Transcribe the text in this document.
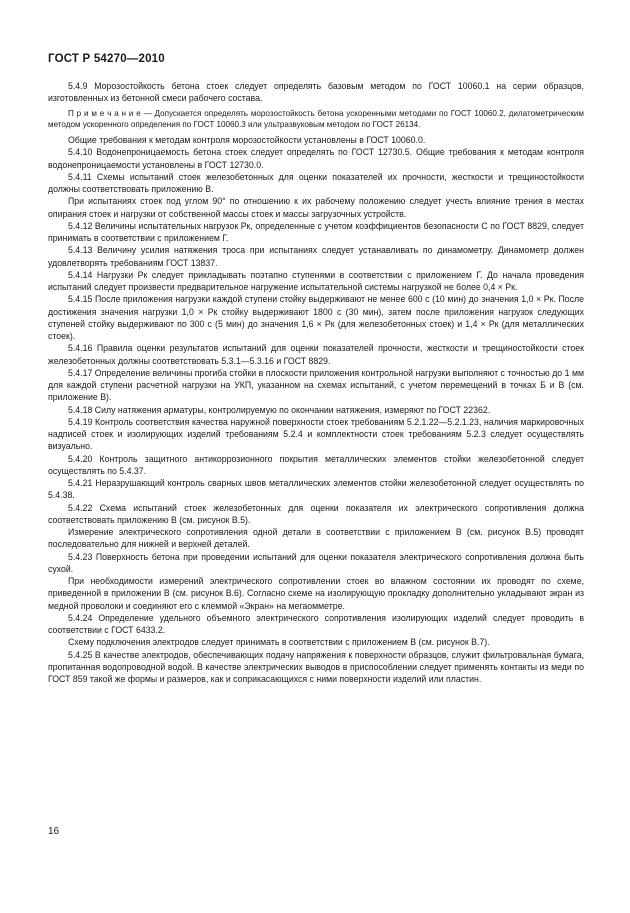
ГОСТ Р 54270—2010

5.4.9 Морозостойкость бетона стоек следует определять базовым методом по ГОСТ 10060.1 на серии образцов, изготовленных из бетонной смеси рабочего состава.

П р и м е ч а н и е — Допускается определять морозостойкость бетона ускоренными методами по ГОСТ 10060.2, дилатометрическим методом ускоренного определения по ГОСТ 10060.3 или ультразвуковым методом по ГОСТ 26134.

Общие требования к методам контроля морозостойкости установлены в ГОСТ 10060.0.

5.4.10 Водонепроницаемость бетона стоек следует определять по ГОСТ 12730.5. Общие требования к методам контроля водонепроницаемости установлены в ГОСТ 12730.0.

5.4.11 Схемы испытаний стоек железобетонных для оценки показателей их прочности, жесткости и трещиностойкости должны соответствовать приложению В.

При испытаниях стоек под углом 90° по отношению к их рабочему положению следует учесть влияние трения в местах опирания стоек и нагрузки от собственной массы стоек и массы загрузочных устройств.

5.4.12 Величины испытательных нагрузок Pк, определенные с учетом коэффициентов безопасности С по ГОСТ 8829, следует принимать в соответствии с приложением Г.

5.4.13 Величину усилия натяжения троса при испытаниях следует устанавливать по динамометру. Динамометр должен удовлетворять требованиям ГОСТ 13837.

5.4.14 Нагрузки Pк следует прикладывать поэтапно ступенями в соответствии с приложением Г. До начала проведения испытаний следует произвести предварительное нагружение испытательной системы нагрузкой не более 0,4 × Pк.

5.4.15 После приложения нагрузки каждой ступени стойку выдерживают не менее 600 с (10 мин) до значения 1,0 × Pк. После достижения значения нагрузки 1,0 × Pк стойку выдерживают 1800 с (30 мин), затем после приложения нагрузок следующих ступеней стойку выдерживают по 300 с (5 мин) до значения 1,6 × Pк (для железобетонных стоек) и 1,4 × Pк (для металлических стоек).

5.4.16 Правила оценки результатов испытаний для оценки показателей прочности, жесткости и трещиностойкости стоек железобетонных должны соответствовать 5.3.1—5.3.16 и ГОСТ 8829.

5.4.17 Определение величины прогиба стойки в плоскости приложения контрольной нагрузки выполняют с точностью до 1 мм для каждой ступени расчетной нагрузки на УКП, указанном на схемах испытаний, с учетом перемещений в точках Б и В (см. приложение В).

5.4.18 Силу натяжения арматуры, контролируемую по окончании натяжения, измеряют по ГОСТ 22362.

5.4.19 Контроль соответствия качества наружной поверхности стоек требованиям 5.2.1.22—5.2.1.23, наличия маркировочных надписей стоек и изолирующих изделий требованиям 5.2.4 и комплектности стоек требованиям 5.2.3 следует осуществлять визуально.

5.4.20 Контроль защитного антикоррозионного покрытия металлических элементов стойки железобетонной следует осуществлять по 5.4.37.

5.4.21 Неразрушающий контроль сварных швов металлических элементов стойки железобетонной следует осуществлять по 5.4.38.

5.4.22 Схема испытаний стоек железобетонных для оценки показателя их электрического сопротивления должна соответствовать приложению В (см. рисунок В.5).

Измерение электрического сопротивления одной детали в соответствии с приложением В (см. рисунок В.5) проводят последовательно для нижней и верхней деталей.

5.4.23 Поверхность бетона при проведении испытаний для оценки показателя электрического сопротивления должна быть сухой.

При необходимости измерений электрического сопротивлении стоек во влажном состоянии их проводят по схеме, приведенной в приложении В (см. рисунок В.6). Согласно схеме на изолирующую прокладку дополнительно укладывают экран из медной проволоки и соединяют его с клеммой «Экран» на мегаомметре.

5.4.24 Определение удельного объемного электрического сопротивления изолирующих изделий следует проводить в соответствии с ГОСТ 6433.2.

Схему подключения электродов следует принимать в соответствии с приложением В (см. рисунок В.7).

5.4.25 В качестве электродов, обеспечивающих подачу напряжения к поверхности образцов, служит фильтровальная бумага, пропитанная водопроводной водой. В качестве электрических выводов в приспособлении следует применять контакты из меди по ГОСТ 859 такой же формы и размеров, как и соприкасающихся с ними поверхности изделий или пластин.

16
